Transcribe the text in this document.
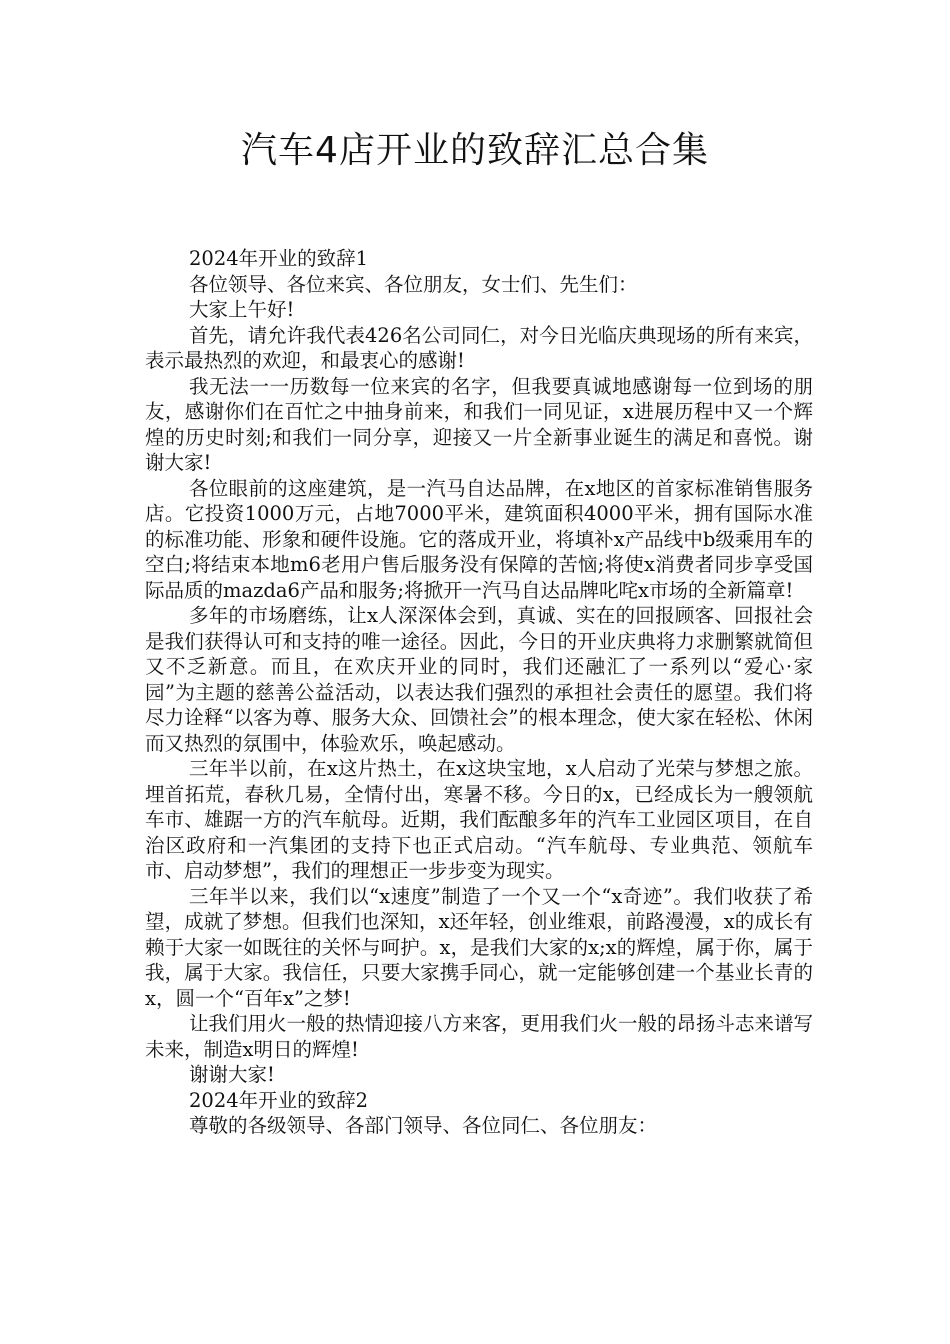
汽车4店开业的致辞汇总合集

2024年开业的致辞1

各位领导、各位来宾、各位朋友，女士们、先生们：

大家上午好!

首先，请允许我代表426名公司同仁，对今日光临庆典现场的所有来宾，表示最热烈的欢迎，和最衷心的感谢!

我无法一一历数每一位来宾的名字，但我要真诚地感谢每一位到场的朋友，感谢你们在百忙之中抽身前来，和我们一同见证，x进展历程中又一个辉煌的历史时刻;和我们一同分享，迎接又一片全新事业诞生的满足和喜悦。谢谢大家!

各位眼前的这座建筑，是一汽马自达品牌，在x地区的首家标准销售服务店。它投资1000万元，占地7000平米，建筑面积4000平米，拥有国际水准的标准功能、形象和硬件设施。它的落成开业，将填补x产品线中b级乘用车的空白;将结束本地m6老用户售后服务没有保障的苦恼;将使x消费者同步享受国际品质的mazda6产品和服务;将掀开一汽马自达品牌叱咤x市场的全新篇章!

多年的市场磨练，让x人深深体会到，真诚、实在的回报顾客、回报社会是我们获得认可和支持的唯一途径。因此，今日的开业庆典将力求删繁就简但又不乏新意。而且，在欢庆开业的同时，我们还融汇了一系列以“爱心·家园”为主题的慈善公益活动，以表达我们强烈的承担社会责任的愿望。我们将尽力诠释“以客为尊、服务大众、回馈社会”的根本理念，使大家在轻松、休闲而又热烈的氛围中，体验欢乐，唤起感动。

三年半以前，在x这片热土，在x这块宝地，x人启动了光荣与梦想之旅。埋首拓荒，春秋几易，全情付出，寒暑不移。今日的x，已经成长为一艘领航车市、雄踞一方的汽车航母。近期，我们酝酿多年的汽车工业园区项目，在自治区政府和一汽集团的支持下也正式启动。“汽车航母、专业典范、领航车市、启动梦想”，我们的理想正一步步变为现实。

三年半以来，我们以“x速度”制造了一个又一个“x奇迹”。我们收获了希望，成就了梦想。但我们也深知，x还年轻，创业维艰，前路漫漫，x的成长有赖于大家一如既往的关怀与呵护。x，是我们大家的x;x的辉煌，属于你，属于我，属于大家。我信任，只要大家携手同心，就一定能够创建一个基业长青的x，圆一个“百年x”之梦!

让我们用火一般的热情迎接八方来客，更用我们火一般的昂扬斗志来谱写未来，制造x明日的辉煌!

谢谢大家!

2024年开业的致辞2

尊敬的各级领导、各部门领导、各位同仁、各位朋友：
